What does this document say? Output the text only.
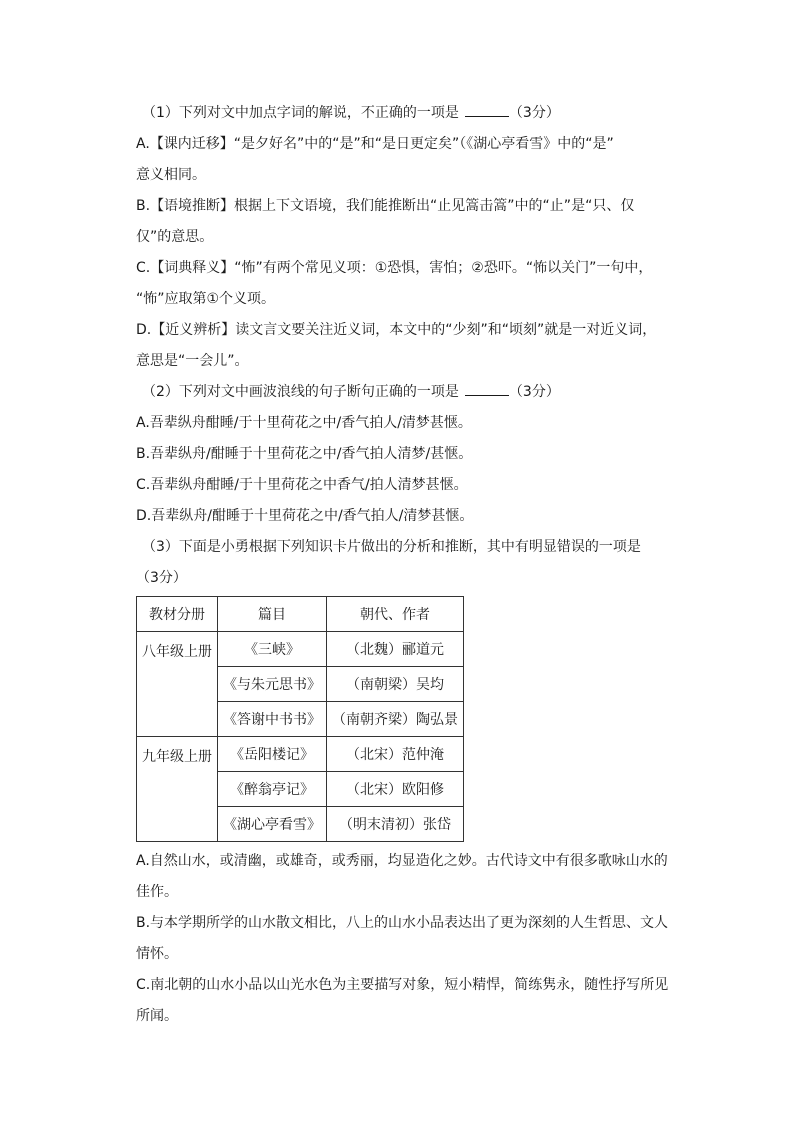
（1）下列对文中加点字词的解说，不正确的一项是	（3分）
A.【课内迁移】“是夕好名”中的“是”和“是日更定矣”（《湖心亭看雪》中的“是”
意义相同。
B.【语境推断】根据上下文语境，我们能推断出“止见篙击篙”中的“止”是“只、仅
仅”的意思。
C.【词典释义】“怖”有两个常见义项：①恐惧，害怕；②恐吓。“怖以关门”一句中，
“怖”应取第①个义项。
D.【近义辨析】读文言文要关注近义词，本文中的“少刻”和“顷刻”就是一对近义词，
意思是“一会儿”。
（2）下列对文中画波浪线的句子断句正确的一项是	（3分）
A.吾辈纵舟酣睡/于十里荷花之中/香气拍人/清梦甚惬。
B.吾辈纵舟/酣睡于十里荷花之中/香气拍人清梦/甚惬。
C.吾辈纵舟酣睡/于十里荷花之中香气/拍人清梦甚惬。
D.吾辈纵舟/酣睡于十里荷花之中/香气拍人/清梦甚惬。
（3）下面是小勇根据下列知识卡片做出的分析和推断，其中有明显错误的一项是
（3分）
教材分册	篇目	朝代、作者
八年级上册	《三峡》	（北魏）郦道元
	《与朱元思书》	（南朝梁）吴均
	《答谢中书书》	（南朝齐梁）陶弘景
九年级上册	《岳阳楼记》	（北宋）范仲淹
	《醉翁亭记》	（北宋）欧阳修
	《湖心亭看雪》	（明末清初）张岱
A.自然山水，或清幽，或雄奇，或秀丽，均显造化之妙。古代诗文中有很多歌咏山水的
佳作。
B.与本学期所学的山水散文相比，八上的山水小品表达出了更为深刻的人生哲思、文人
情怀。
C.南北朝的山水小品以山光水色为主要描写对象，短小精悍，简练隽永，随性抒写所见
所闻。
